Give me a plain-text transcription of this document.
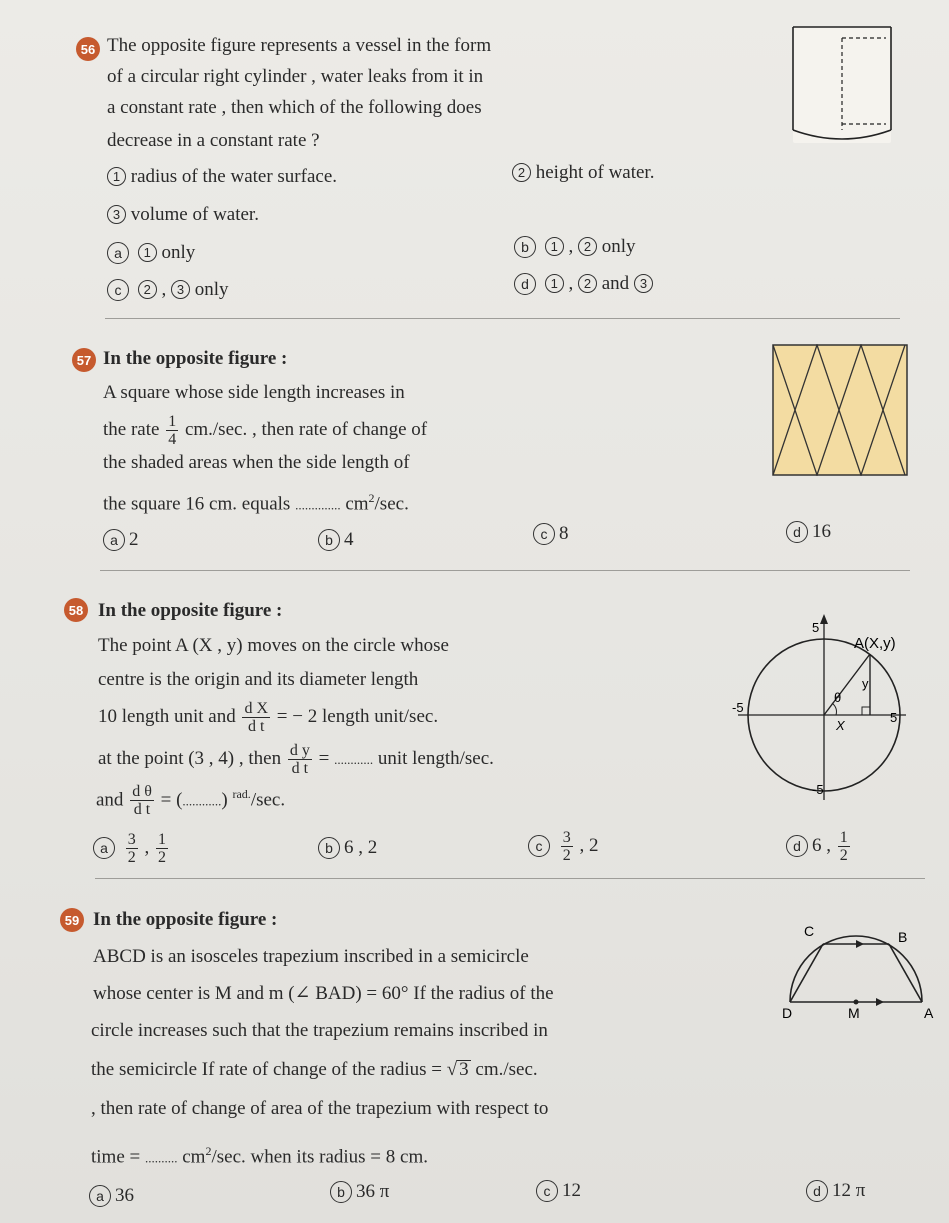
56 The opposite figure represents a vessel in the form
of a circular right cylinder , water leaks from it in
a constant rate , then which of the following does
decrease in a constant rate ?
1 radius of the water surface.	2 height of water.
3 volume of water.
a 1 only	b 1 , 2 only
c 2 , 3 only	d 1 , 2 and 3
57 In the opposite figure :
A square whose side length increases in
the rate $\frac{1}{4} cm./\sec$. , then rate of change of
the shaded areas when the side length of
the square 16 cm. equals .............. $cm^2/\sec$.
a 2	b 4	c 8	d 16
58 In the opposite figure :
The point A (X , y) moves on the circle whose
centre is the origin and its diameter length
10 length unit and $\frac{\text{d X}}{\text{d t}}$ = − 2 length unit/sec.
at the point (3 , 4) , then $\frac{\text{d y}}{\text{d t}}$ = ............ unit length/sec.
and $\frac{\text{d θ}}{\text{d t}}$ = (............) $^{rad.}$/sec.
5
-5
-5
5
A(X,y)
y
X
θ
a $\frac{3}{2}$ , $\frac{1}{2}$	b 6 , 2	c $\frac{3}{2}$ , 2	d 6 , $\frac{1}{2}$
59 In the opposite figure :
ABCD is an isosceles trapezium inscribed in a semicircle
whose center is M and m (∠ BAD) = 60° If the radius of the
circle increases such that the trapezium remains inscribed in
the semicircle If rate of change of the radius = √ 3 cm./sec.
, then rate of change of area of the trapezium with respect to
time = .......... $cm^2/\sec$. when its radius = 8 cm.
C	B
D	M	A
a 36	b 36 π	c 12	d 12 π
